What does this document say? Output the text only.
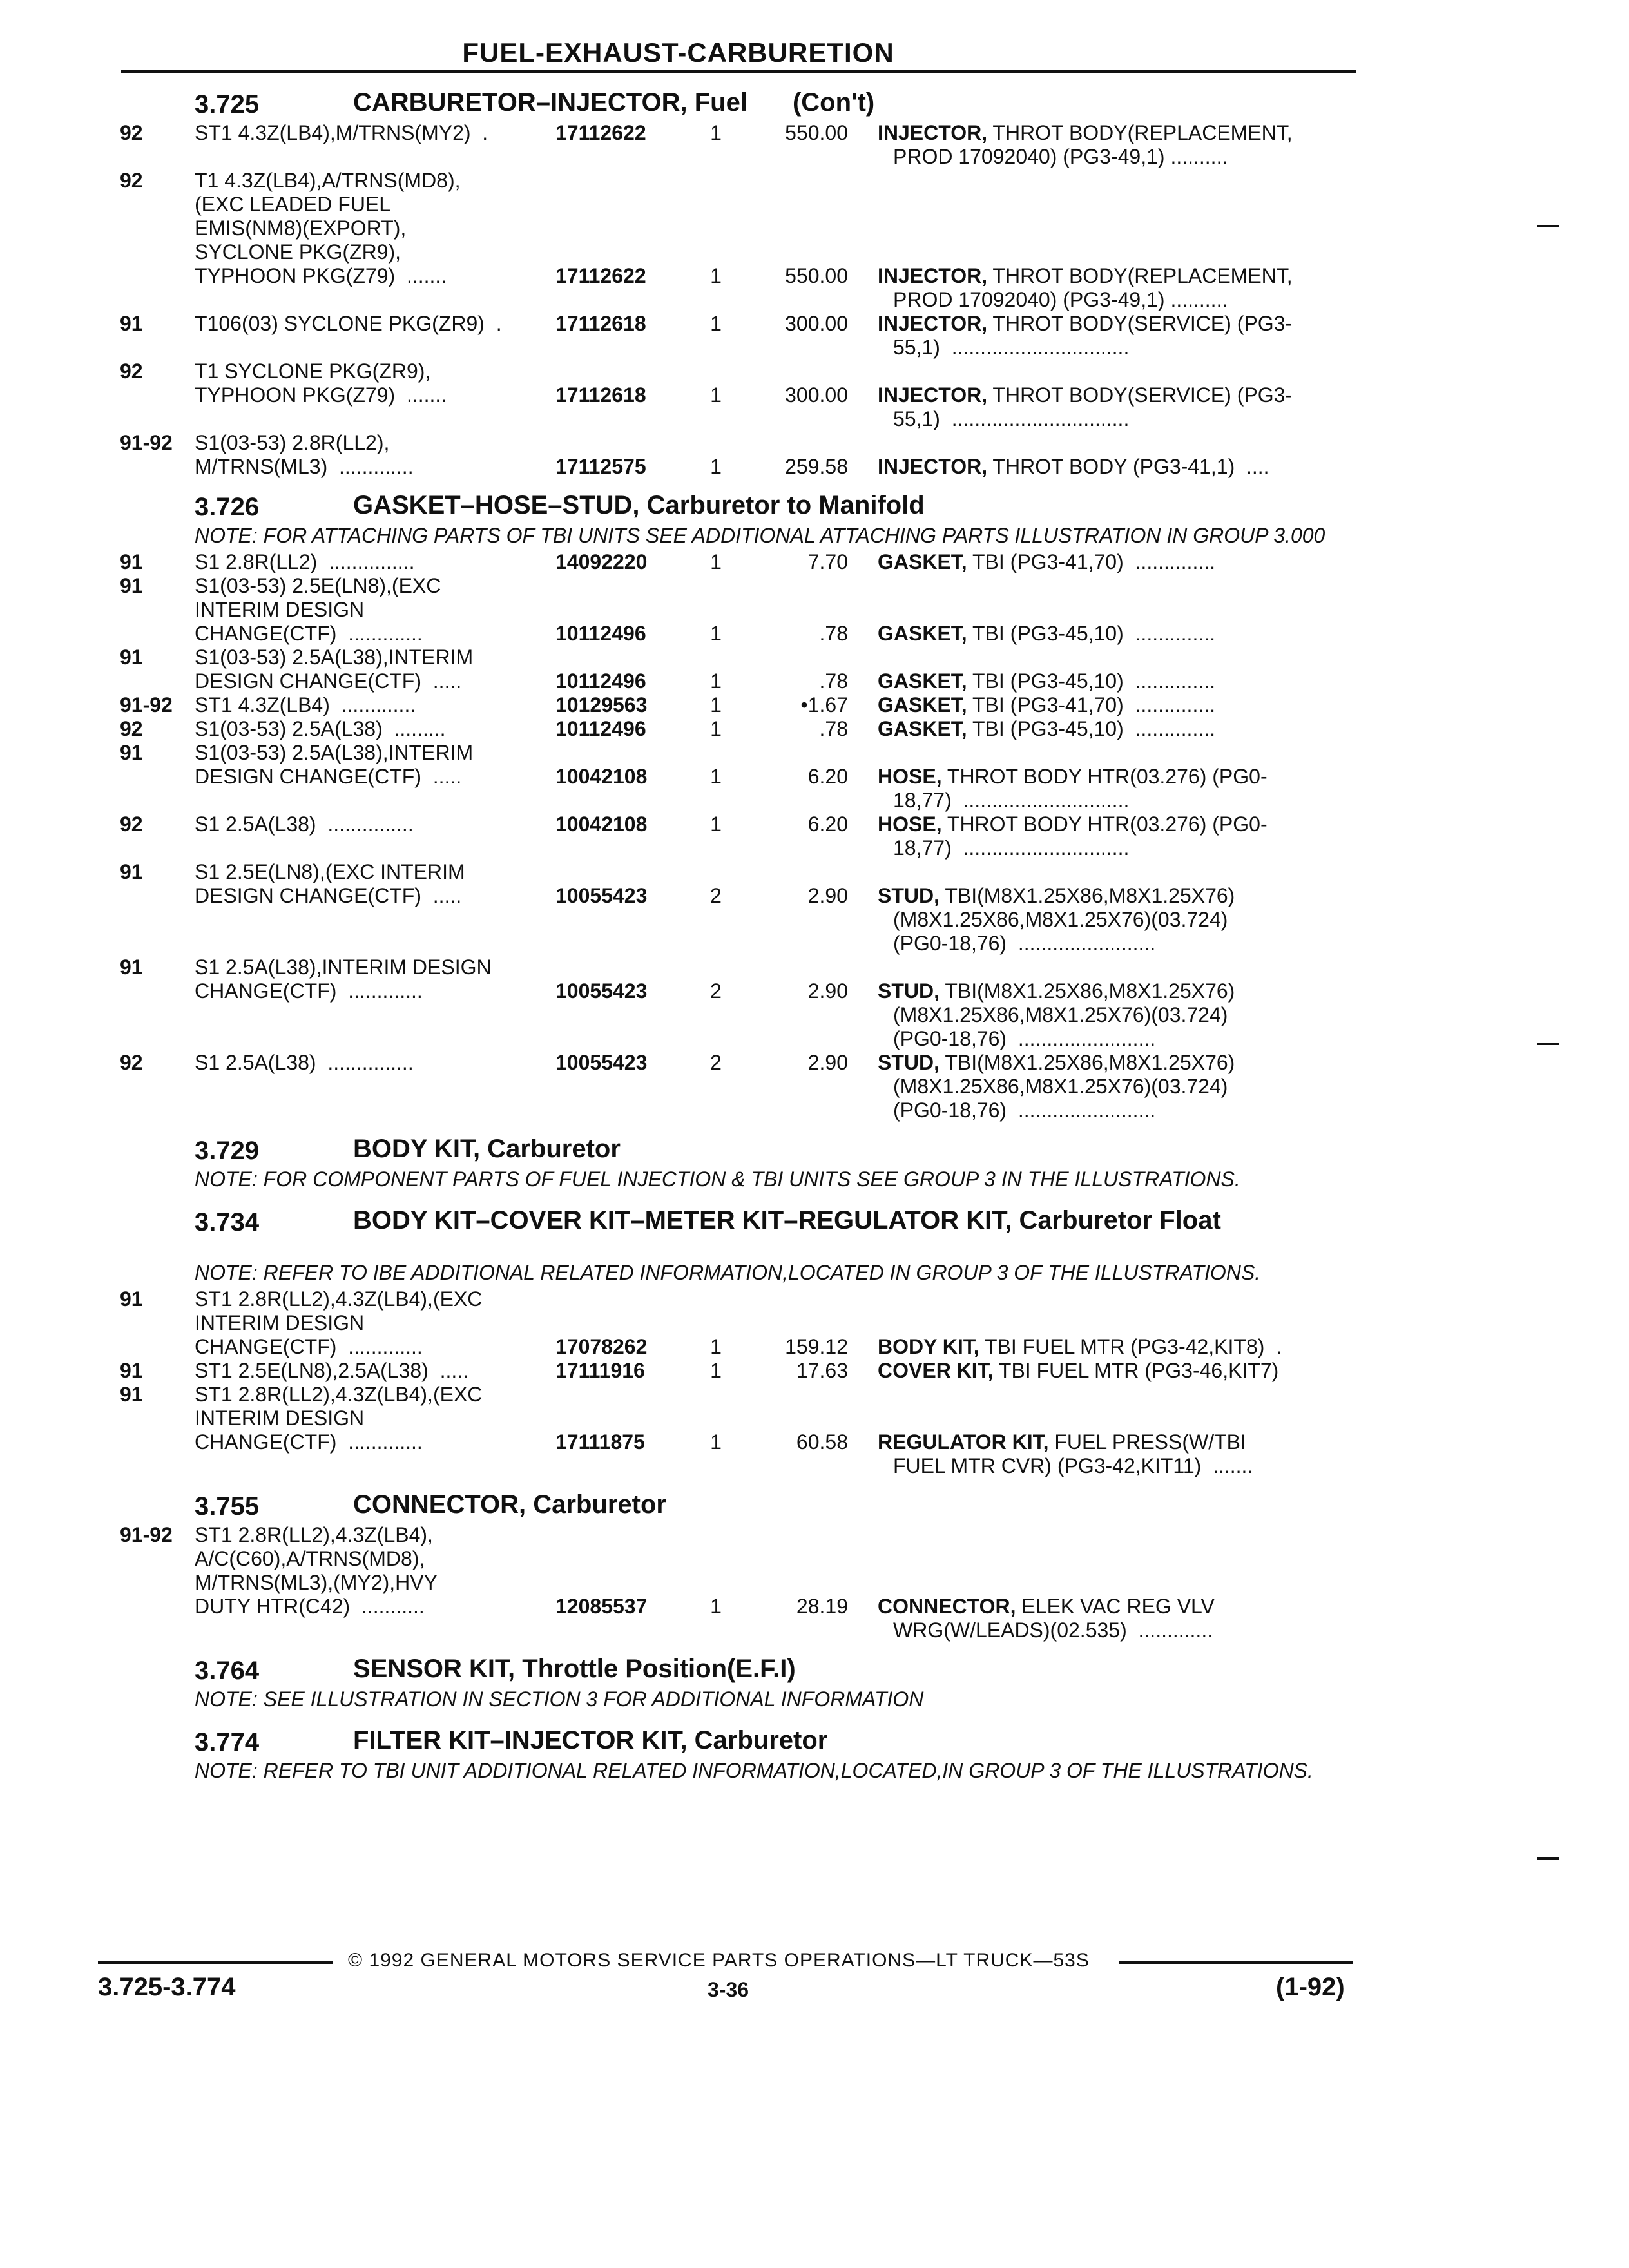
FUEL-EXHAUST-CARBURETION
3.725	CARBURETOR–INJECTOR, Fuel (Con't)
92	ST1 4.3Z(LB4),M/TRNS(MY2)  .	17112622	1	550.00 INJECTOR, THROT BODY(REPLACEMENT,
PROD 17092040) (PG3-49,1) ..........
92	T1 4.3Z(LB4),A/TRNS(MD8),
(EXC LEADED FUEL
EMIS(NM8)(EXPORT),
SYCLONE PKG(ZR9),
TYPHOON PKG(Z79)  .......	17112622	1	550.00 INJECTOR, THROT BODY(REPLACEMENT,
PROD 17092040) (PG3-49,1) ..........
91	T106(03) SYCLONE PKG(ZR9)  .	17112618	1	300.00 INJECTOR, THROT BODY(SERVICE) (PG3-
55,1)  ...............................
92	T1 SYCLONE PKG(ZR9),
TYPHOON PKG(Z79)  .......	17112618	1	300.00 INJECTOR, THROT BODY(SERVICE) (PG3-
55,1)  ...............................
91-92 S1(03-53) 2.8R(LL2),
M/TRNS(ML3)  .............	17112575	1	259.58 INJECTOR, THROT BODY (PG3-41,1)  ....
3.726	GASKET–HOSE–STUD, Carburetor to Manifold
NOTE: FOR ATTACHING PARTS OF TBI UNITS SEE ADDITIONAL ATTACHING PARTS ILLUSTRATION IN GROUP 3.000
91	S1 2.8R(LL2)  ...............	14092220	1	7.70 GASKET, TBI (PG3-41,70)  ..............
91	S1(03-53) 2.5E(LN8),(EXC
INTERIM DESIGN
CHANGE(CTF)  .............	10112496	1	.78 GASKET, TBI (PG3-45,10)  ..............
91	S1(03-53) 2.5A(L38),INTERIM
DESIGN CHANGE(CTF)  .....	10112496	1	.78 GASKET, TBI (PG3-45,10)  ..............
91-92 ST1 4.3Z(LB4)  .............	10129563	1	•1.67 GASKET, TBI (PG3-41,70)  ..............
92	S1(03-53) 2.5A(L38)  .........	10112496	1	.78 GASKET, TBI (PG3-45,10)  ..............
91	S1(03-53) 2.5A(L38),INTERIM
DESIGN CHANGE(CTF)  .....	10042108	1	6.20 HOSE, THROT BODY HTR(03.276) (PG0-
18,77)  .............................
92	S1 2.5A(L38)  ...............	10042108	1	6.20 HOSE, THROT BODY HTR(03.276) (PG0-
18,77)  .............................
91	S1 2.5E(LN8),(EXC INTERIM
DESIGN CHANGE(CTF)  .....	10055423	2	2.90 STUD, TBI(M8X1.25X86,M8X1.25X76)
(M8X1.25X86,M8X1.25X76)(03.724)
(PG0-18,76)  ........................
91	S1 2.5A(L38),INTERIM DESIGN
CHANGE(CTF)  .............	10055423	2	2.90 STUD, TBI(M8X1.25X86,M8X1.25X76)
(M8X1.25X86,M8X1.25X76)(03.724)
(PG0-18,76)  ........................
92	S1 2.5A(L38)  ...............	10055423	2	2.90 STUD, TBI(M8X1.25X86,M8X1.25X76)
(M8X1.25X86,M8X1.25X76)(03.724)
(PG0-18,76)  ........................
3.729	BODY KIT, Carburetor
NOTE: FOR COMPONENT PARTS OF FUEL INJECTION & TBI UNITS SEE GROUP 3 IN THE ILLUSTRATIONS.
3.734	BODY KIT–COVER KIT–METER KIT–REGULATOR KIT, Carburetor Float
NOTE: REFER TO IBE ADDITIONAL RELATED INFORMATION,LOCATED IN GROUP 3 OF THE ILLUSTRATIONS.
91	ST1 2.8R(LL2),4.3Z(LB4),(EXC
INTERIM DESIGN
CHANGE(CTF)  .............	17078262	1	159.12 BODY KIT, TBI FUEL MTR (PG3-42,KIT8)  .
91	ST1 2.5E(LN8),2.5A(L38)  .....	17111916	1	17.63 COVER KIT, TBI FUEL MTR (PG3-46,KIT7)
91	ST1 2.8R(LL2),4.3Z(LB4),(EXC
INTERIM DESIGN
CHANGE(CTF)  .............	17111875	1	60.58 REGULATOR KIT, FUEL PRESS(W/TBI
FUEL MTR CVR) (PG3-42,KIT11)  .......
3.755	CONNECTOR, Carburetor
91-92 ST1 2.8R(LL2),4.3Z(LB4),
A/C(C60),A/TRNS(MD8),
M/TRNS(ML3),(MY2),HVY
DUTY HTR(C42)  ...........	12085537	1	28.19 CONNECTOR, ELEK VAC REG VLV
WRG(W/LEADS)(02.535)  .............
3.764	SENSOR KIT, Throttle Position(E.F.I)
NOTE: SEE ILLUSTRATION IN SECTION 3 FOR ADDITIONAL INFORMATION
3.774	FILTER KIT–INJECTOR KIT, Carburetor
NOTE: REFER TO TBI UNIT ADDITIONAL RELATED INFORMATION,LOCATED,IN GROUP 3 OF THE ILLUSTRATIONS.
© 1992 GENERAL MOTORS SERVICE PARTS OPERATIONS—LT TRUCK—53S
3.725-3.774	3-36	(1-92)
